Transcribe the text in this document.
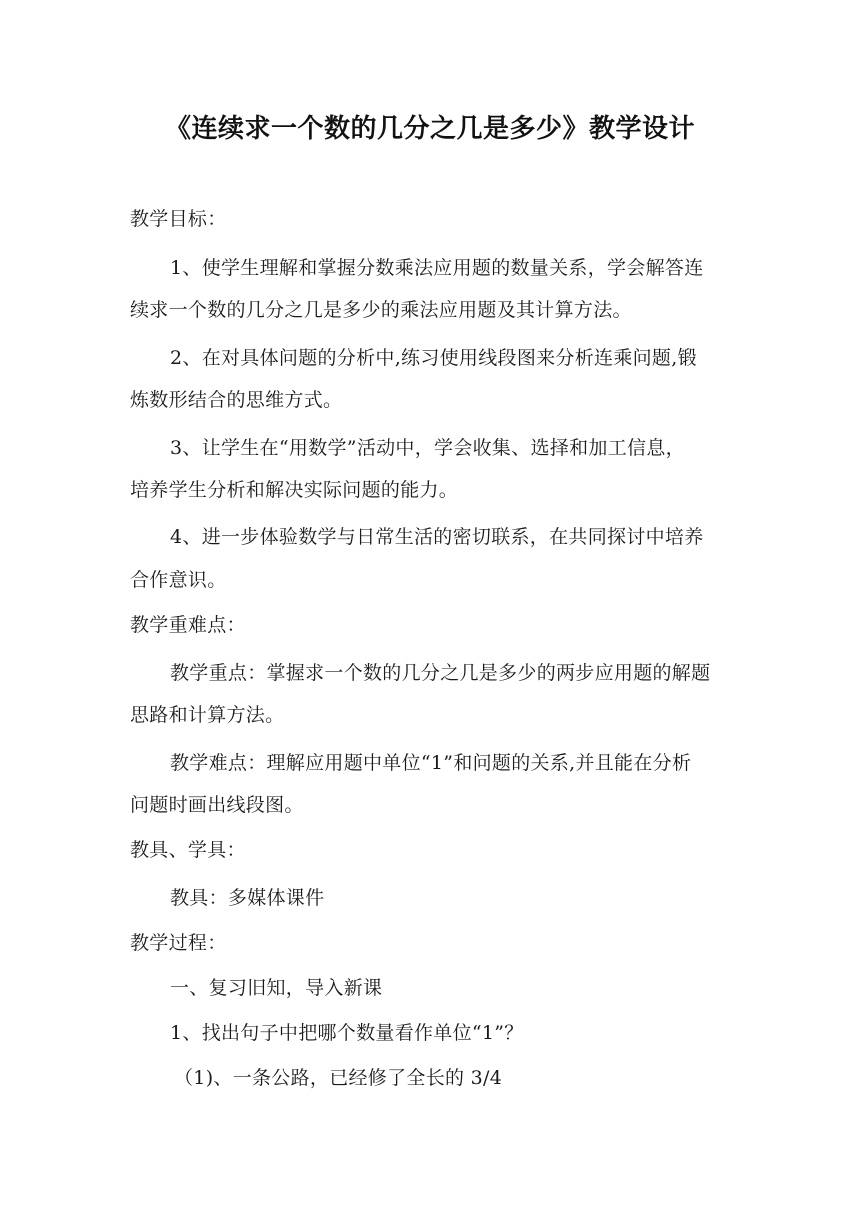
《连续求一个数的几分之几是多少》教学设计
教学目标：
1、使学生理解和掌握分数乘法应用题的数量关系，学会解答连
续求一个数的几分之几是多少的乘法应用题及其计算方法。
2、在对具体问题的分析中,练习使用线段图来分析连乘问题,锻
炼数形结合的思维方式。
3、让学生在“用数学”活动中，学会收集、选择和加工信息，
培养学生分析和解决实际问题的能力。
4、进一步体验数学与日常生活的密切联系，在共同探讨中培养
合作意识。
教学重难点：
教学重点：掌握求一个数的几分之几是多少的两步应用题的解题
思路和计算方法。
教学难点：理解应用题中单位“1”和问题的关系,并且能在分析
问题时画出线段图。
教具、学具：
教具：多媒体课件
教学过程：
一、复习旧知，导入新课
1、找出句子中把哪个数量看作单位“1”？
（1)、一条公路，已经修了全长的 3/4
